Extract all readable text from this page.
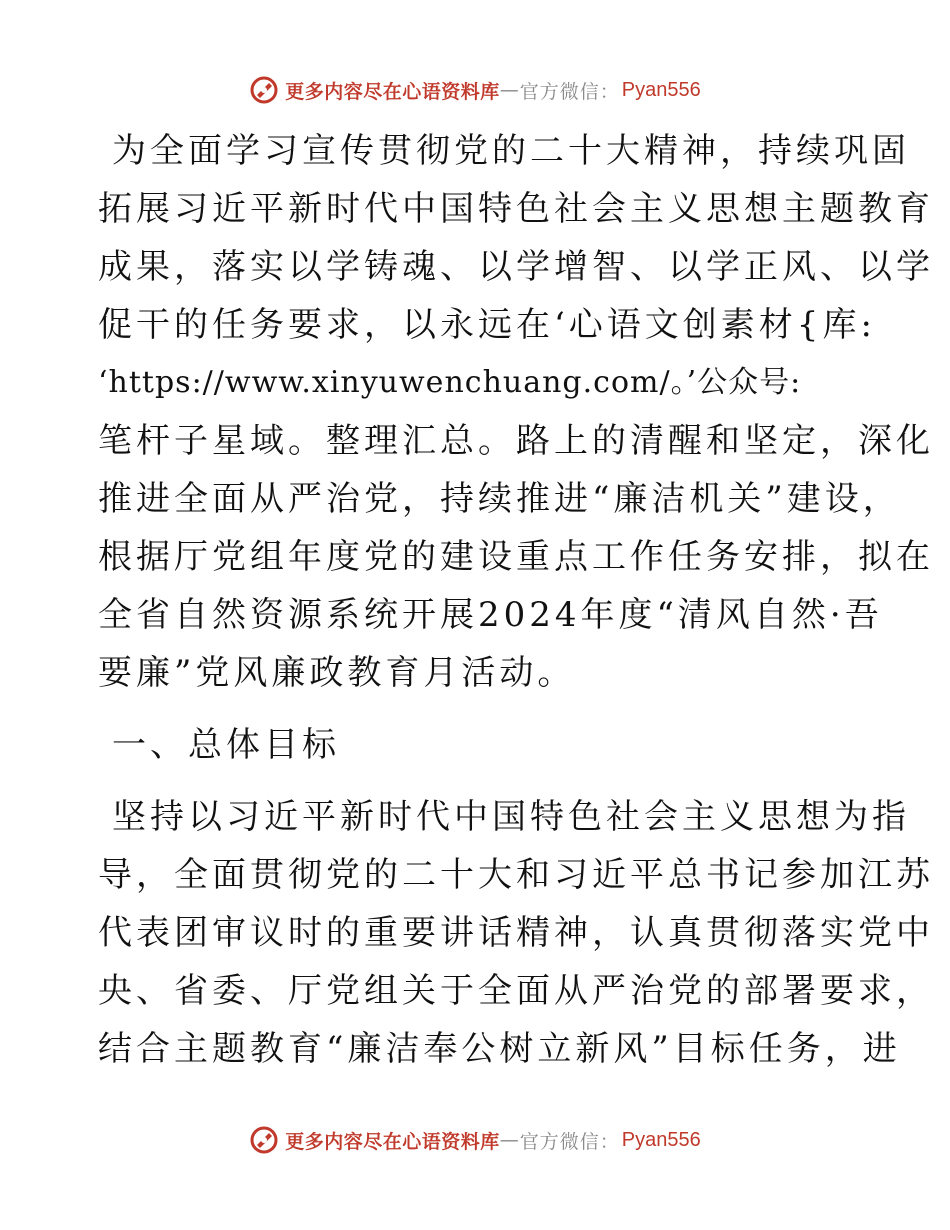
更多内容尽在心语资料库 — 官方微信： Pyan556
为全面学习宣传贯彻党的二十大精神，持续巩固
拓展习近平新时代中国特色社会主义思想主题教育
成果，落实以学铸魂、以学增智、以学正风、以学
促干的任务要求，以永远在‘心语文创素材{库:
‘https://www.xinyuwenchuang.com/。’公众号:
笔杆子星域。整理汇总。路上的清醒和坚定，深化
推进全面从严治党，持续推进“廉洁机关”建设，
根据厅党组年度党的建设重点工作任务安排，拟在
全省自然资源系统开展2024年度“清风自然·吾
要廉”党风廉政教育月活动。
一、总体目标
坚持以习近平新时代中国特色社会主义思想为指
导，全面贯彻党的二十大和习近平总书记参加江苏
代表团审议时的重要讲话精神，认真贯彻落实党中
央、省委、厅党组关于全面从严治党的部署要求，
结合主题教育“廉洁奉公树立新风”目标任务，进
更多内容尽在心语资料库 — 官方微信： Pyan556
